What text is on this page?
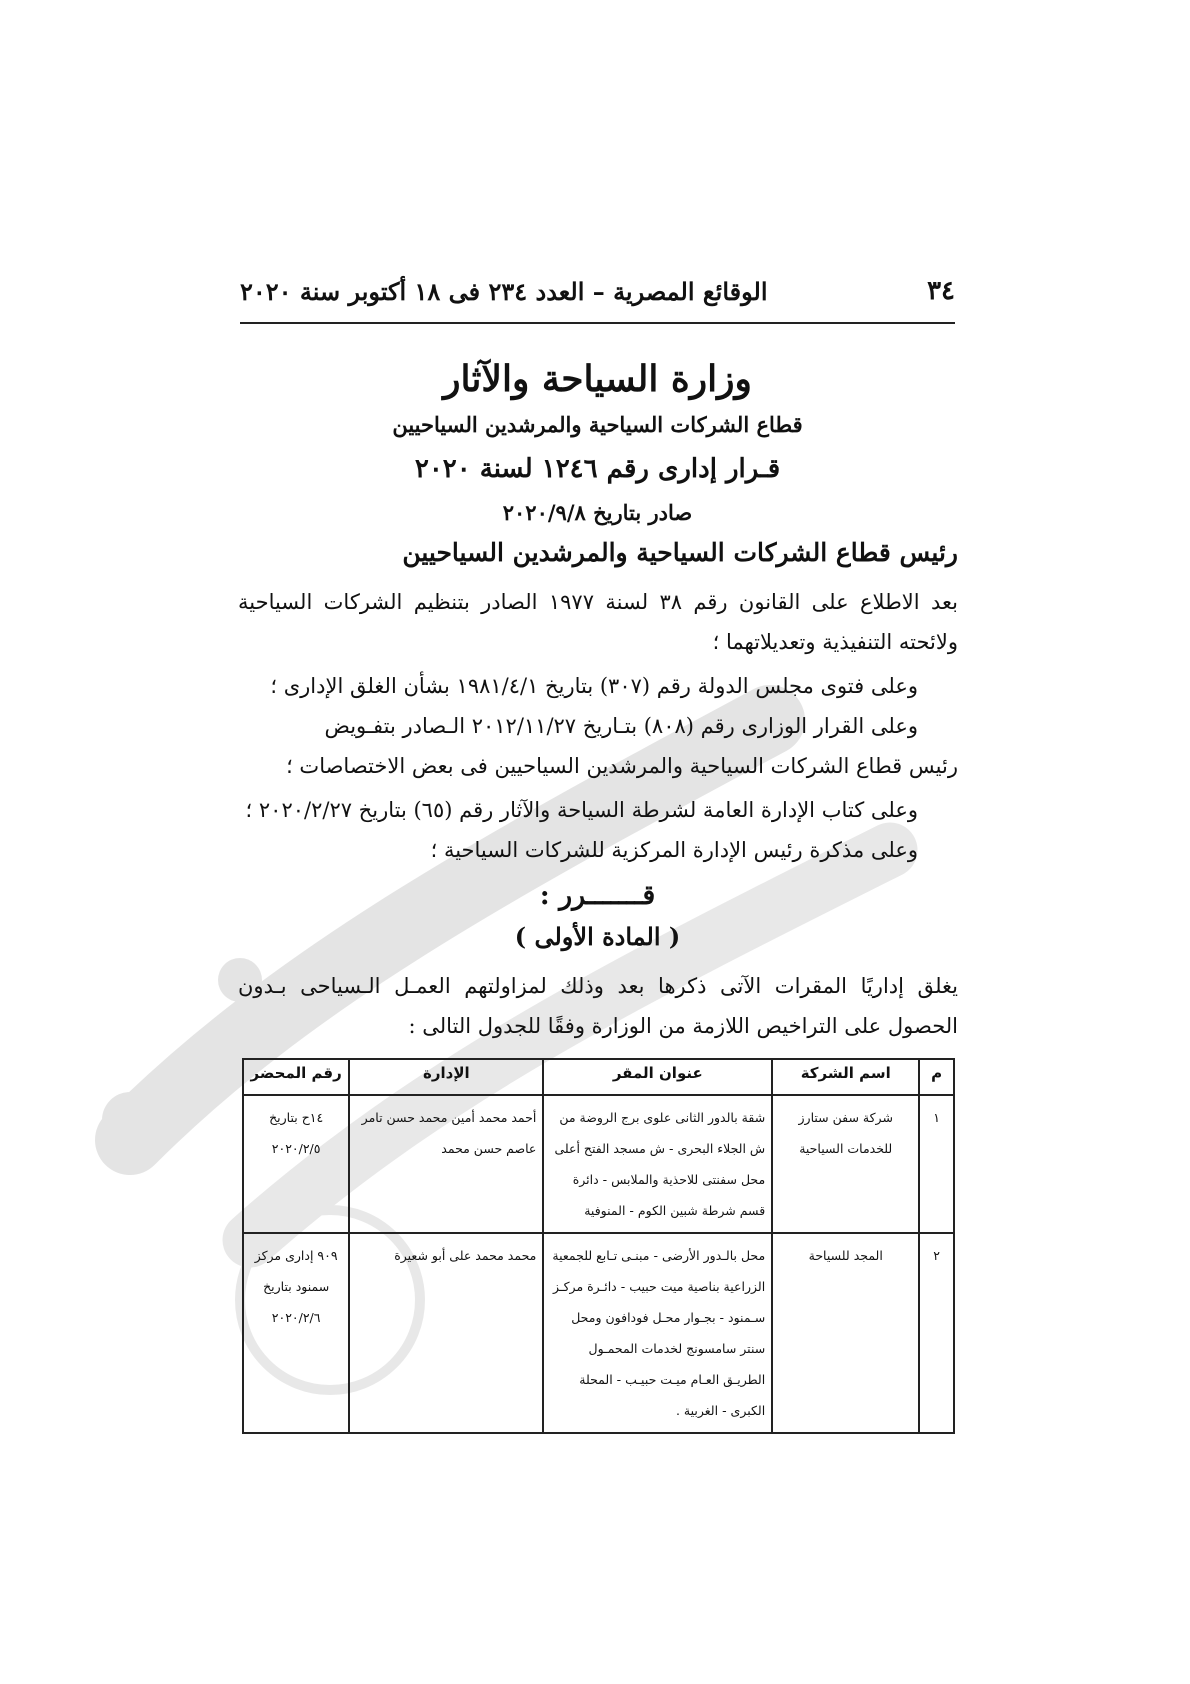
٣٤
الوقائع المصرية – العدد ٢٣٤ فى ١٨ أكتوبر سنة ٢٠٢٠
وزارة السياحة والآثار
قطاع الشركات السياحية والمرشدين السياحيين
قـرار إدارى رقم ١٢٤٦ لسنة ٢٠٢٠
صادر بتاريخ ٢٠٢٠/٩/٨
رئيس قطاع الشركات السياحية والمرشدين السياحيين
بعد الاطلاع على القانون رقم ٣٨ لسنة ١٩٧٧ الصادر بتنظيم الشركات السياحية ولائحته التنفيذية وتعديلاتهما ؛
وعلى فتوى مجلس الدولة رقم (٣٠٧) بتاريخ ١٩٨١/٤/١ بشأن الغلق الإدارى ؛
وعلى القرار الوزارى رقم (٨٠٨) بتـاريخ ٢٠١٢/١١/٢٧ الـصادر بتفـويض
رئيس قطاع الشركات السياحية والمرشدين السياحيين فى بعض الاختصاصات ؛
وعلى كتاب الإدارة العامة لشرطة السياحة والآثار رقم (٦٥) بتاريخ ٢٠٢٠/٢/٢٧ ؛
وعلى مذكرة رئيس الإدارة المركزية للشركات السياحية ؛
قـــــــرر :
( المادة الأولى )
يغلق إداريًا المقرات الآتى ذكرها بعد وذلك لمزاولتهم العمـل الـسياحى بـدون الحصول على التراخيص اللازمة من الوزارة وفقًا للجدول التالى :
م	اسم الشركة	عنوان المقر	الإدارة	رقم المحضر
١	شركة سفن ستارز للخدمات السياحية	شقة بالدور الثانى علوى برج الروضة من ش الجلاء البحرى - ش مسجد الفتح أعلى محل سفنتى للاحذية والملابس - دائرة قسم شرطة شبين الكوم - المنوفية	أحمد محمد أمين محمد حسن تامر عاصم حسن محمد	١٤ح بتاريخ ٢٠٢٠/٢/٥
٢	المجد للسياحة	محل بالـدور الأرضى - مبنـى تـابع للجمعية الزراعية بناصية ميت حبيب - دائـرة مركـز سـمنود - بجـوار محـل فودافون ومحل سنتر سامسونج لخدمات المحمـول الطريـق العـام ميـت حبيـب - المحلة الكبرى - الغربية .	محمد محمد على أبو شعيرة	٩٠٩ إدارى مركز سمنود بتاريخ ٢٠٢٠/٢/٦
